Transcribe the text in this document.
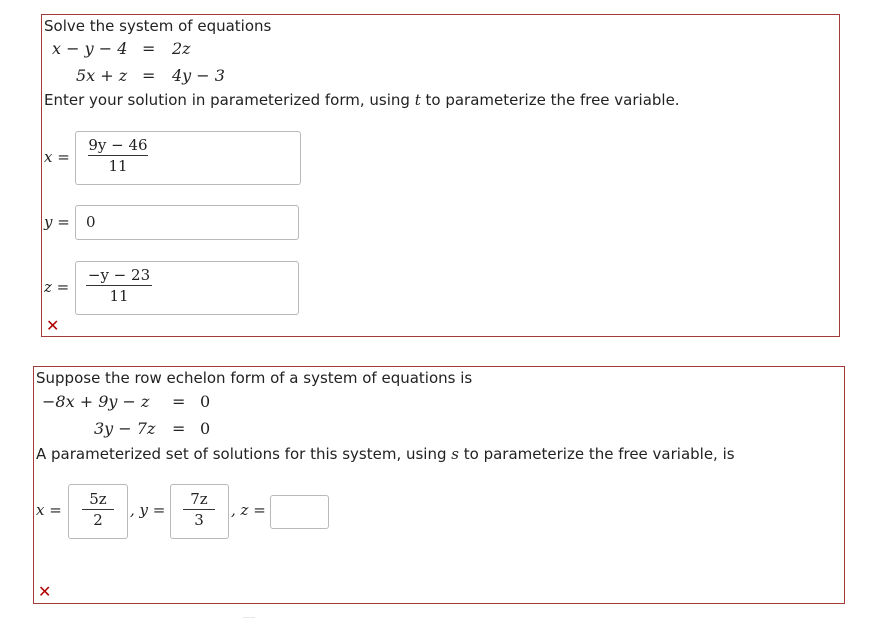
Solve the system of equations
x − y − 4 = 2z
5x + z = 4y − 3
Enter your solution in parameterized form, using t to parameterize the free variable.
x =
9y − 46
11
y = 0
z =
−y − 23
11
✕
Suppose the row echelon form of a system of equations is
−8x + 9y − z = 0
3y − 7z = 0
A parameterized set of solutions for this system, using s to parameterize the free variable, is
x =
5z
2
, y =
7z
3
, z =
✕
